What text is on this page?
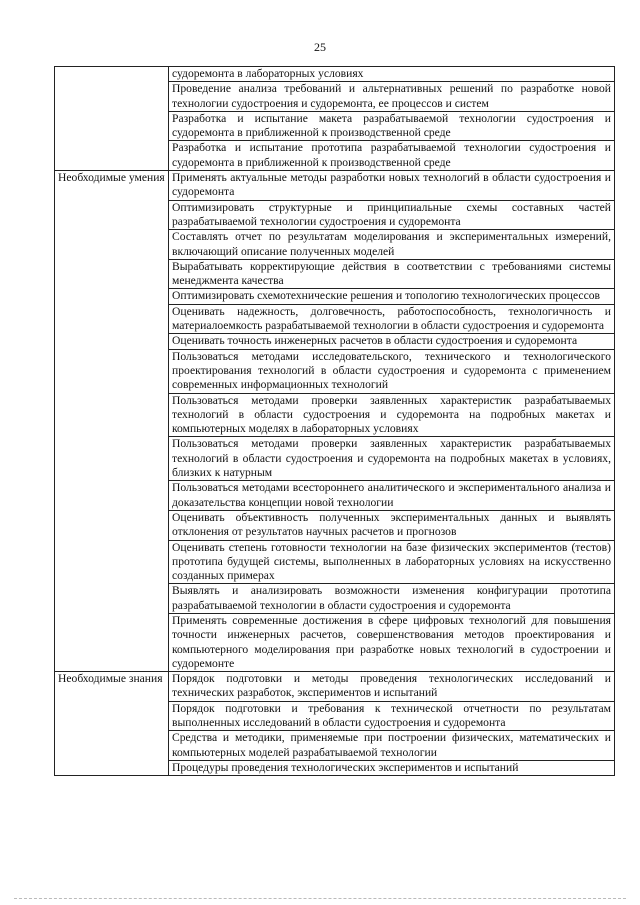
25
	судоремонта в лабораторных условиях
	Проведение анализа требований и альтернативных решений по разработке новой технологии судостроения и судоремонта, ее процессов и систем
	Разработка и испытание макета разрабатываемой технологии судостроения и судоремонта в приближенной к производственной среде
	Разработка и испытание прототипа разрабатываемой технологии судостроения и судоремонта в приближенной к производственной среде
Необходимые умения	Применять актуальные методы разработки новых технологий в области судостроения и судоремонта
	Оптимизировать структурные и принципиальные схемы составных частей разрабатываемой технологии судостроения и судоремонта
	Составлять отчет по результатам моделирования и экспериментальных измерений, включающий описание полученных моделей
	Вырабатывать корректирующие действия в соответствии с требованиями системы менеджмента качества
	Оптимизировать схемотехнические решения и топологию технологических процессов
	Оценивать надежность, долговечность, работоспособность, технологичность и материалоемкость разрабатываемой технологии в области судостроения и судоремонта
	Оценивать точность инженерных расчетов в области судостроения и судоремонта
	Пользоваться методами исследовательского, технического и технологического проектирования технологий в области судостроения и судоремонта с применением современных информационных технологий
	Пользоваться методами проверки заявленных характеристик разрабатываемых технологий в области судостроения и судоремонта на подробных макетах и компьютерных моделях в лабораторных условиях
	Пользоваться методами проверки заявленных характеристик разрабатываемых технологий в области судостроения и судоремонта на подробных макетах в условиях, близких к натурным
	Пользоваться методами всестороннего аналитического и экспериментального анализа и доказательства концепции новой технологии
	Оценивать объективность полученных экспериментальных данных и выявлять отклонения от результатов научных расчетов и прогнозов
	Оценивать степень готовности технологии на базе физических экспериментов (тестов) прототипа будущей системы, выполненных в лабораторных условиях на искусственно созданных примерах
	Выявлять и анализировать возможности изменения конфигурации прототипа разрабатываемой технологии в области судостроения и судоремонта
	Применять современные достижения в сфере цифровых технологий для повышения точности инженерных расчетов, совершенствования методов проектирования и компьютерного моделирования при разработке новых технологий в судостроении и судоремонте
Необходимые знания	Порядок подготовки и методы проведения технологических исследований и технических разработок, экспериментов и испытаний
	Порядок подготовки и требования к технической отчетности по результатам выполненных исследований в области судостроения и судоремонта
	Средства и методики, применяемые при построении физических, математических и компьютерных моделей разрабатываемой технологии
	Процедуры проведения технологических экспериментов и испытаний
